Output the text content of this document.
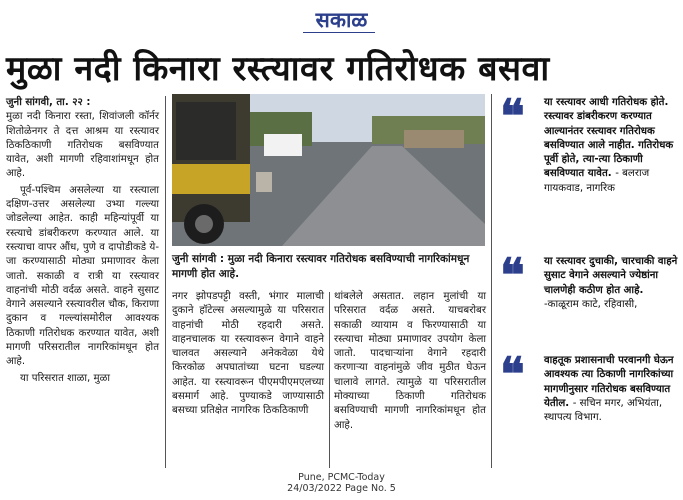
सकाळ
मुळा नदी किनारा रस्त्यावर गतिरोधक बसवा

जुनी सांगवी, ता. २२ :
मुळा नदी किनारा रस्ता, शिवांजली कॉर्नर शितोळेनगर ते दत्त आश्रम या रस्त्यावर ठिकठिकाणी गतिरोधक बसविण्यात यावेत, अशी मागणी रहिवाशांमधून होत आहे.

पूर्व-पश्चिम असलेल्या या रस्त्याला दक्षिण-उत्तर असलेल्या उभ्या गल्ल्या जोडलेल्या आहेत. काही महिन्यांपूर्वी या रस्त्याचे डांबरीकरण करण्यात आले. या रस्त्याचा वापर औंध, पुणे व दापोडीकडे ये-जा करण्यासाठी मोठ्या प्रमाणावर केला जातो. सकाळी व रात्री या रस्त्यावर वाहनांची मोठी वर्दळ असते. वाहने सुसाट वेगाने असल्याने रस्त्यावरील चौक, किराणा दुकान व गल्ल्यांसमोरील आवश्यक ठिकाणी गतिरोधक करण्यात यावेत, अशी मागणी परिसरातील नागरिकांमधून होत आहे.

या परिसरात शाळा, मुळा

जुनी सांगवी : मुळा नदी किनारा रस्त्यावर गतिरोधक बसविण्याची नागरिकांमधून मागणी होत आहे.

नगर झोपडपट्टी वस्ती, भंगार मालाची दुकाने हॉटेल्स असल्यामुळे या परिसरात वाहनांची मोठी रहदारी असते. वाहनचालक या रस्त्यावरून वेगाने वाहने चालवत असल्याने अनेकवेळा येथे किरकोळ अपघातांच्या घटना घडल्या आहेत. या रस्त्यावरून पीएमपीएमएलच्या बसमार्ग आहे. पुण्याकडे जाण्यासाठी बसच्या प्रतिक्षेत नागरिक ठिकठिकाणी

थांबलेले असतात. लहान मुलांची या परिसरात वर्दळ असते. याचबरोबर सकाळी व्यायाम व फिरण्यासाठी या रस्त्याचा मोठ्या प्रमाणावर उपयोग केला जातो. पादचाऱ्यांना वेगाने रहदारी करणाऱ्या वाहनांमुळे जीव मुठीत घेऊन चालावे लागते. त्यामुळे या परिसरातील मोक्याच्या ठिकाणी गतिरोधक बसविण्याची मागणी नागरिकांमधून होत आहे.

❝	या रस्त्यावर आधी गतिरोधक होते. रस्त्यावर डांबरीकरण करण्यात आल्यानंतर रस्त्यावर गतिरोधक बसविण्यात आले नाहीत. गतिरोधक पूर्वी होते, त्या-त्या ठिकाणी बसविण्यात यावेत. - बलराज गायकवाड, नागरिक
❝	या रस्त्यावर दुचाकी, चारचाकी वाहने सुसाट वेगाने असल्याने ज्येष्ठांना चालणेही कठीण होत आहे. -काळूराम काटे, रहिवासी,
❝	वाहतूक प्रशासनाची परवानगी घेऊन आवश्यक त्या ठिकाणी नागरिकांच्या मागणीनुसार गतिरोधक बसविण्यात येतील. - सचिन मगर, अभियंता, स्थापत्य विभाग.
Pune, PCMC-Today
24/03/2022 Page No. 5
